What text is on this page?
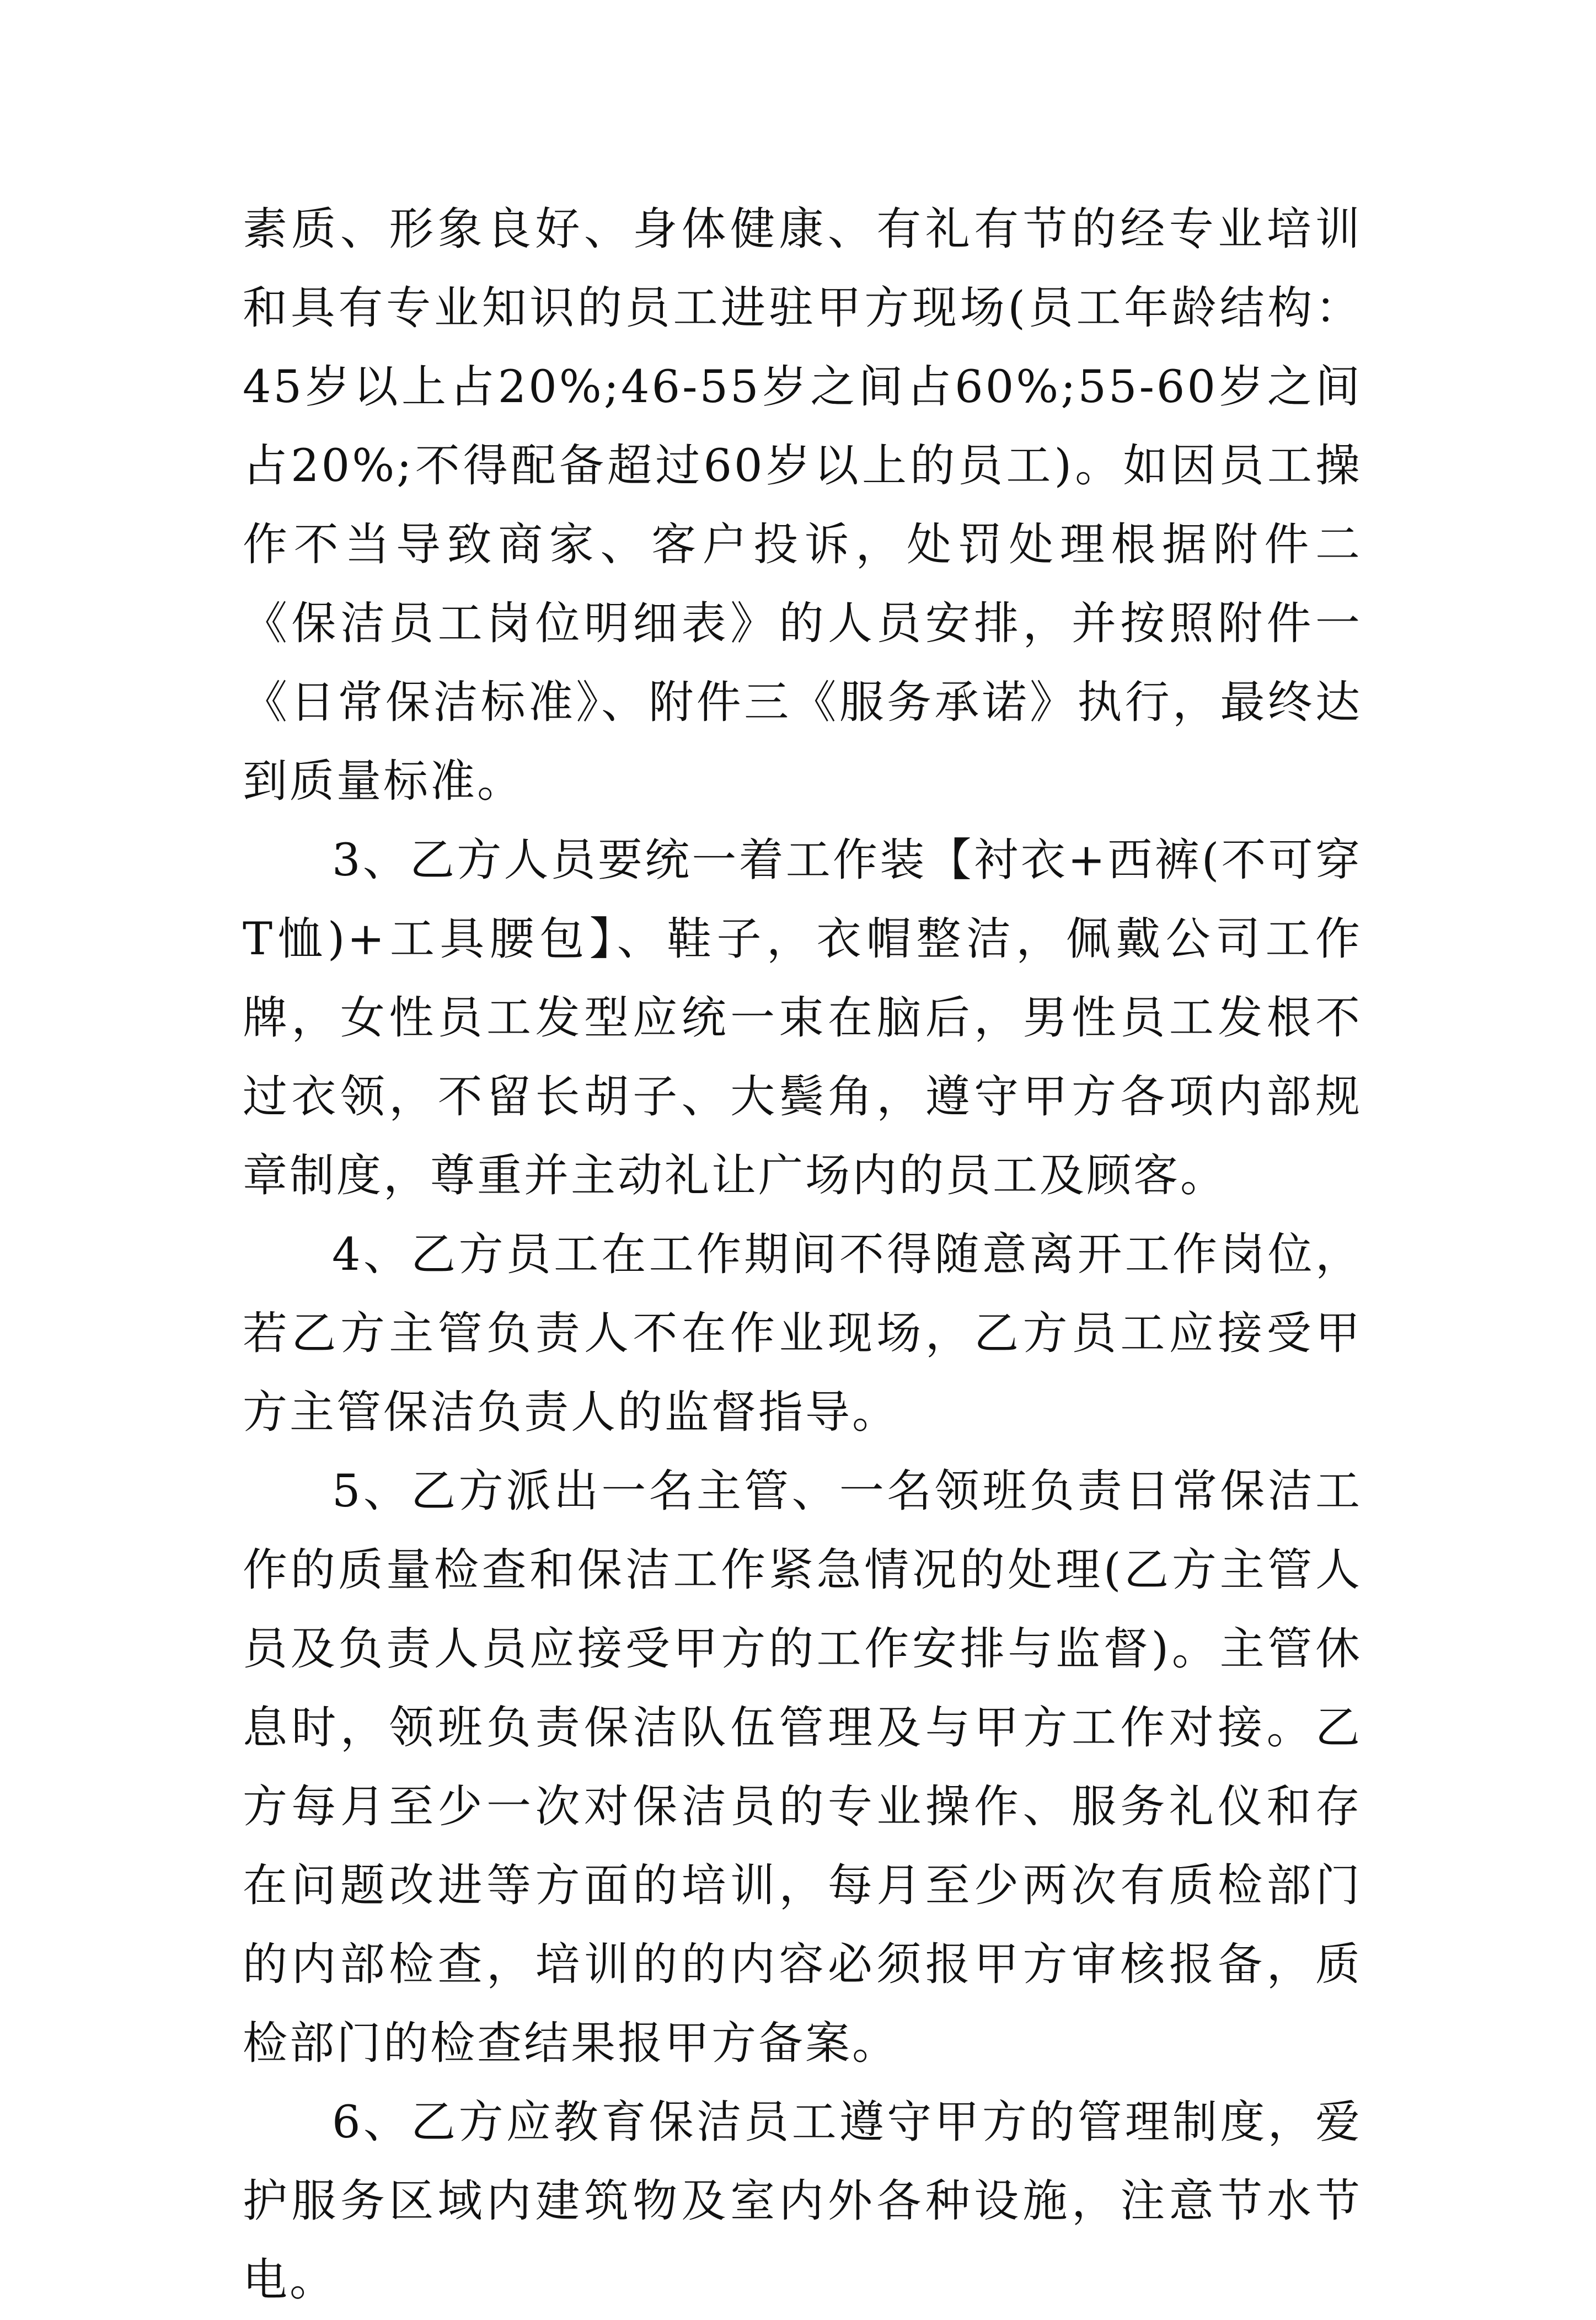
素质、形象良好、身体健康、有礼有节的经专业培训和具有专业知识的员工进驻甲方现场(员工年龄结构：45岁以上占20%;46-55岁之间占60%;55-60岁之间占20%;不得配备超过60岁以上的员工)。如因员工操作不当导致商家、客户投诉，处罚处理根据附件二《保洁员工岗位明细表》的人员安排，并按照附件一《日常保洁标准》、附件三《服务承诺》执行，最终达到质量标准。

3、乙方人员要统一着工作装【衬衣+西裤(不可穿T恤)+工具腰包】、鞋子，衣帽整洁，佩戴公司工作牌，女性员工发型应统一束在脑后，男性员工发根不过衣领，不留长胡子、大鬓角，遵守甲方各项内部规章制度，尊重并主动礼让广场内的员工及顾客。

4、乙方员工在工作期间不得随意离开工作岗位，若乙方主管负责人不在作业现场，乙方员工应接受甲方主管保洁负责人的监督指导。

5、乙方派出一名主管、一名领班负责日常保洁工作的质量检查和保洁工作紧急情况的处理(乙方主管人员及负责人员应接受甲方的工作安排与监督)。主管休息时，领班负责保洁队伍管理及与甲方工作对接。乙方每月至少一次对保洁员的专业操作、服务礼仪和存在问题改进等方面的培训，每月至少两次有质检部门的内部检查，培训的的内容必须报甲方审核报备，质检部门的检查结果报甲方备案。

6、乙方应教育保洁员工遵守甲方的管理制度，爱护服务区域内建筑物及室内外各种设施，注意节水节电。
